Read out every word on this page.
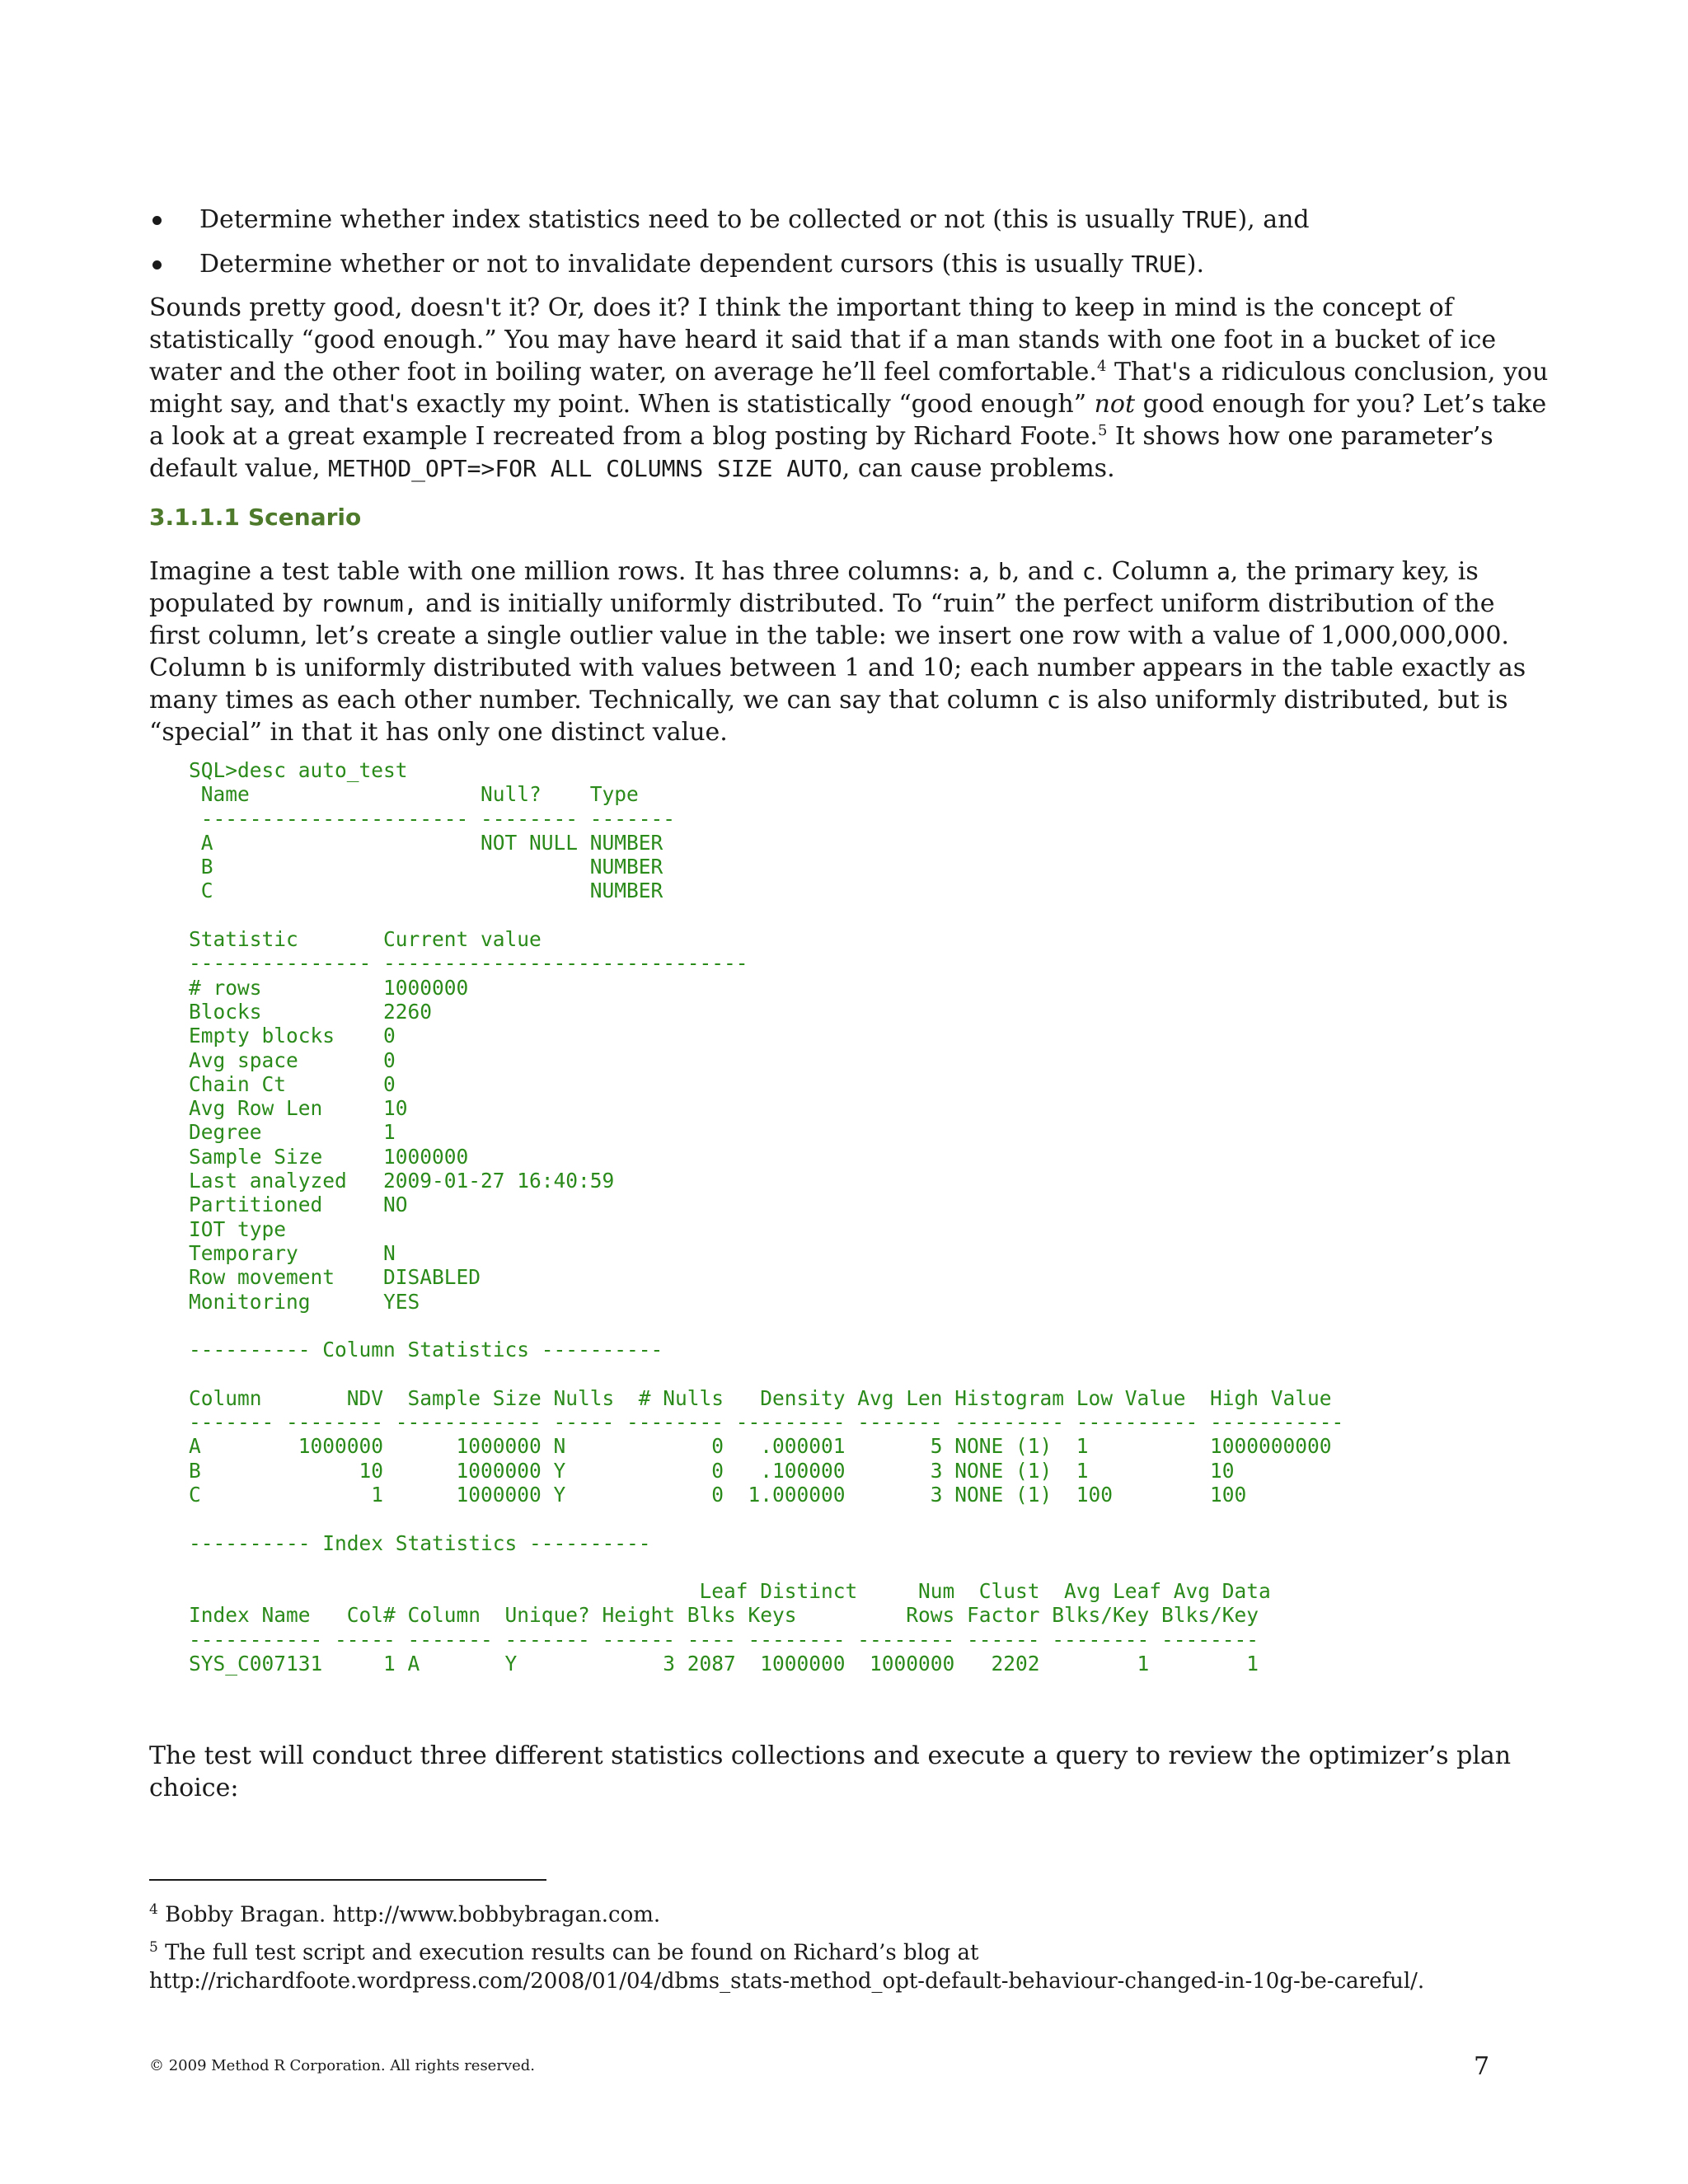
Determine whether index statistics need to be collected or not (this is usually TRUE), and
Determine whether or not to invalidate dependent cursors (this is usually TRUE).

Sounds pretty good, doesn't it? Or, does it? I think the important thing to keep in mind is the concept of statistically “good enough.” You may have heard it said that if a man stands with one foot in a bucket of ice water and the other foot in boiling water, on average he’ll feel comfortable.$^4$ That's a ridiculous conclusion, you might say, and that's exactly my point. When is statistically “good enough” not good enough for you? Let’s take a look at a great example I recreated from a blog posting by Richard Foote.$^5$ It shows how one parameter’s default value, METHOD_OPT=>FOR ALL COLUMNS SIZE AUTO, can cause problems.

3.1.1.1 Scenario

Imagine a test table with one million rows. It has three columns: a, b, and c. Column a, the primary key, is populated by rownum, and is initially uniformly distributed. To “ruin” the perfect uniform distribution of the first column, let’s create a single outlier value in the table: we insert one row with a value of 1,000,000,000. Column b is uniformly distributed with values between 1 and 10; each number appears in the table exactly as many times as each other number. Technically, we can say that column c is also uniformly distributed, but is “special” in that it has only one distinct value.

SQL>desc auto_test
Name                   Null?    Type
---------------------- -------- -------
A                      NOT NULL NUMBER
B                               NUMBER
C                               NUMBER

Statistic       Current value
--------------- ------------------------------
# rows          1000000
Blocks          2260
Empty blocks    0
Avg space       0
Chain Ct        0
Avg Row Len     10
Degree          1
Sample Size     1000000
Last analyzed   2009-01-27 16:40:59
Partitioned     NO
IOT type
Temporary       N
Row movement    DISABLED
Monitoring      YES

---------- Column Statistics ----------

Column       NDV  Sample Size Nulls  # Nulls   Density Avg Len Histogram Low Value  High Value
------- -------- ------------ ----- -------- --------- ------- --------- ---------- -----------
A        1000000      1000000 N            0   .000001       5 NONE (1)  1          1000000000
B             10      1000000 Y            0   .100000       3 NONE (1)  1          10
C              1      1000000 Y            0  1.000000       3 NONE (1)  100        100

---------- Index Statistics ----------

Leaf Distinct     Num  Clust  Avg Leaf Avg Data
Index Name   Col# Column  Unique? Height Blks Keys         Rows Factor Blks/Key Blks/Key
----------- ----- ------- ------- ------ ---- -------- -------- ------ -------- --------
SYS_C007131     1 A       Y            3 2087  1000000  1000000   2202        1        1

The test will conduct three different statistics collections and execute a query to review the optimizer’s plan choice:

$^4$ Bobby Bragan. http://www.bobbybragan.com.
$^5$ The full test script and execution results can be found on Richard’s blog at http://richardfoote.wordpress.com/2008/01/04/dbms_stats-method_opt-default-behaviour-changed-in-10g-be-careful/.
© 2009 Method R Corporation. All rights reserved.	7
